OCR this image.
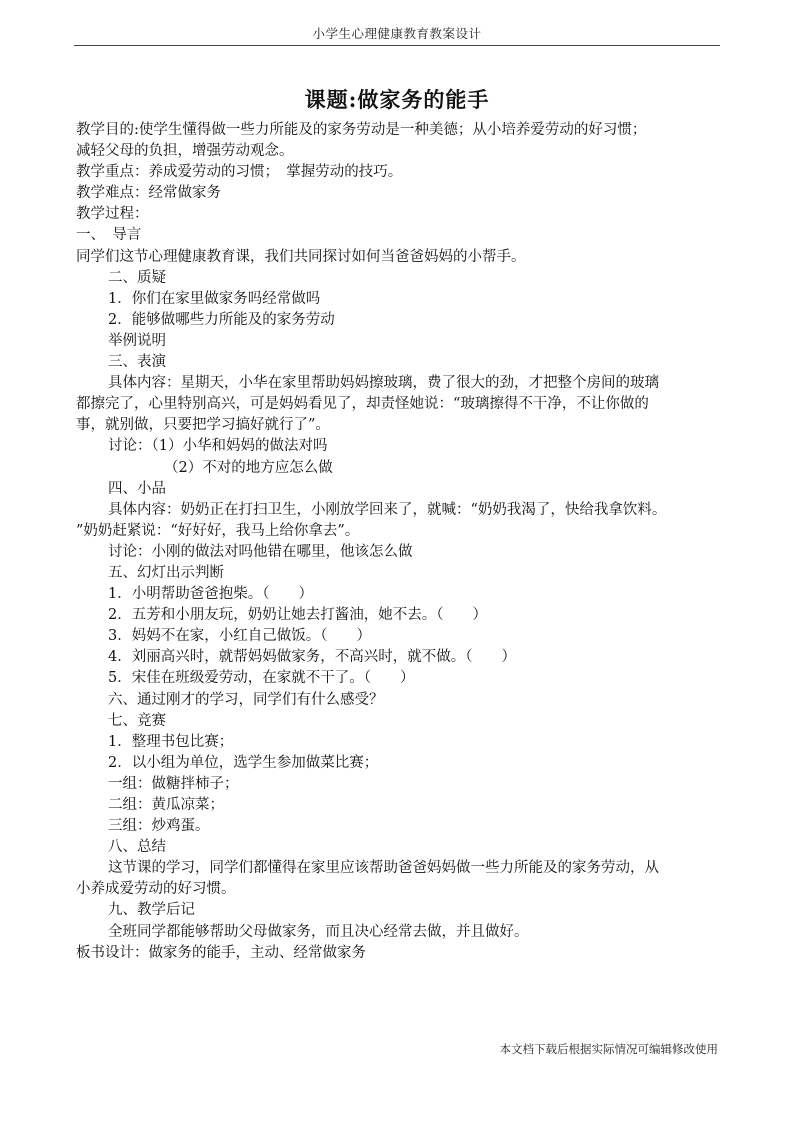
小学生心理健康教育教案设计
课题:做家务的能手

教学目的:使学生懂得做一些力所能及的家务劳动是一种美德；从小培养爱劳动的好习惯；

减轻父母的负担，增强劳动观念。

教学重点：养成爱劳动的习惯；　掌握劳动的技巧。

教学难点：经常做家务

教学过程：

一、　导言

同学们这节心理健康教育课，我们共同探讨如何当爸爸妈妈的小帮手。

二、质疑

1．你们在家里做家务吗经常做吗

2．能够做哪些力所能及的家务劳动

举例说明

三、表演

具体内容：星期天，小华在家里帮助妈妈擦玻璃，费了很大的劲，才把整个房间的玻璃

都擦完了，心里特别高兴，可是妈妈看见了，却责怪她说：“玻璃擦得不干净，不让你做的

事，就别做，只要把学习搞好就行了”。

讨论：（1）小华和妈妈的做法对吗

（2）不对的地方应怎么做

四、小品

具体内容：奶奶正在打扫卫生，小刚放学回来了，就喊：“奶奶我渴了，快给我拿饮料。

”奶奶赶紧说：“好好好，我马上给你拿去”。

讨论：小刚的做法对吗他错在哪里，他该怎么做

五、幻灯出示判断

1．小明帮助爸爸抱柴。（　　）

2．五芳和小朋友玩，奶奶让她去打酱油，她不去。（　　）

3．妈妈不在家，小红自己做饭。（　　）

4．刘丽高兴时，就帮妈妈做家务，不高兴时，就不做。（　　）

5．宋佳在班级爱劳动，在家就不干了。（　　）

六、通过刚才的学习，同学们有什么感受？

七、竞赛

1．整理书包比赛；

2．以小组为单位，选学生参加做菜比赛；

一组：做糖拌柿子；

二组：黄瓜凉菜；

三组：炒鸡蛋。

八、总结

这节课的学习，同学们都懂得在家里应该帮助爸爸妈妈做一些力所能及的家务劳动，从

小养成爱劳动的好习惯。

九、教学后记

全班同学都能够帮助父母做家务，而且决心经常去做，并且做好。

板书设计：做家务的能手，主动、经常做家务

本文档下载后根据实际情况可编辑修改使用
